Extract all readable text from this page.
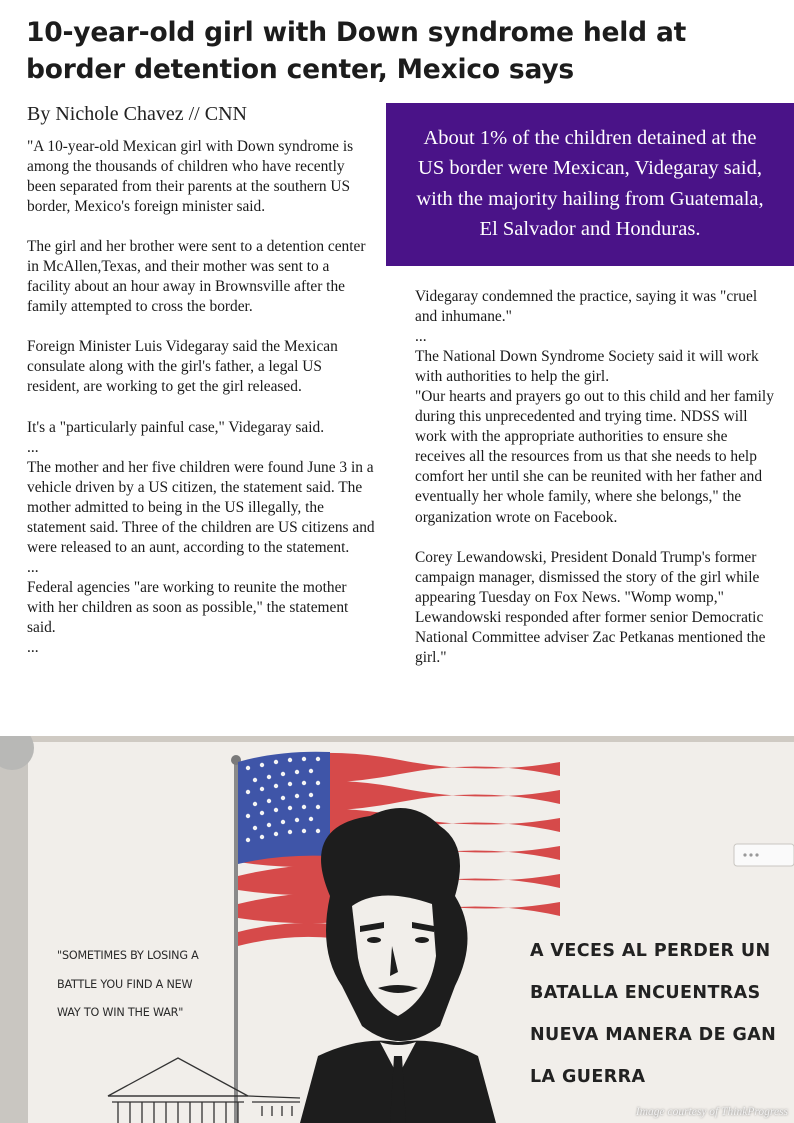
10-year-old girl with Down syndrome held at border detention center, Mexico says
By Nichole Chavez // CNN

"A 10-year-old Mexican girl with Down syndrome is among the thousands of children who have recently been separated from their parents at the southern US border, Mexico's foreign minister said.

The girl and her brother were sent to a detention center in McAllen,Texas, and their mother was sent to a facility about an hour away in Brownsville after the family attempted to cross the border.

Foreign Minister Luis Videgaray said the Mexican consulate along with the girl's father, a legal US resident, are working to get the girl released.

It's a "particularly painful case," Videgaray said.
...
The mother and her five children were found June 3 in a vehicle driven by a US citizen, the statement said. The mother admitted to being in the US illegally, the statement said. Three of the children are US citizens and were released to an aunt, according to the statement.
...
Federal agencies "are working to reunite the mother with her children as soon as possible," the statement said.
...

About 1% of the children detained at the US border were Mexican, Videgaray said, with the majority hailing from Guatemala, El Salvador and Honduras.

Videgaray condemned the practice, saying it was "cruel and inhumane."
...
The National Down Syndrome Society said it will work with authorities to help the girl.
"Our hearts and prayers go out to this child and her family during this unprecedented and trying time. NDSS will work with the appropriate authorities to ensure she receives all the resources from us that she needs to help comfort her until she can be reunited with her father and eventually her whole family, where she belongs," the organization wrote on Facebook.

Corey Lewandowski, President Donald Trump's former campaign manager, dismissed the story of the girl while appearing Tuesday on Fox News. "Womp womp," Lewandowski responded after former senior Democratic National Committee adviser Zac Petkanas mentioned the girl."

"SOMETIMES BY LOSING A
BATTLE YOU FIND A NEW
WAY TO WIN THE WAR"
A VECES AL PERDER UN
BATALLA ENCUENTRAS
NUEVA MANERA DE GAN
LA GUERRA
Image courtesy of ThinkProgress
